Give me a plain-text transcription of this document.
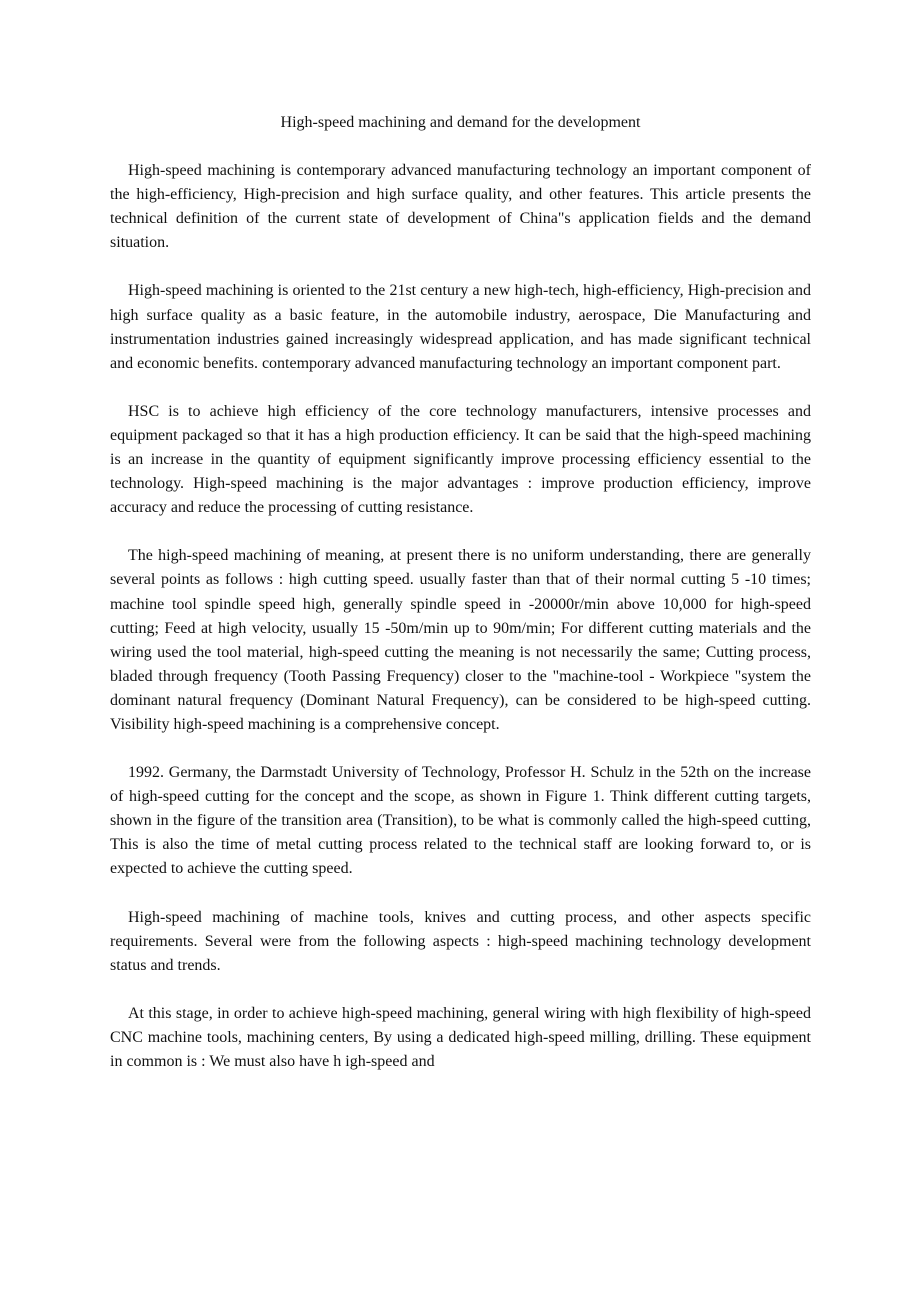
High-speed machining and demand for the development

High-speed machining is contemporary advanced manufacturing technology an important component of the high-efficiency, High-precision and high surface quality, and other features. This article presents the technical definition of the current state of development of China"s application fields and the demand situation.

High-speed machining is oriented to the 21st century a new high-tech, high-efficiency, High-precision and high surface quality as a basic feature, in the automobile industry, aerospace, Die Manufacturing and instrumentation industries gained increasingly widespread application, and has made significant technical and economic benefits. contemporary advanced manufacturing technology an important component part.

HSC is to achieve high efficiency of the core technology manufacturers, intensive processes and equipment packaged so that it has a high production efficiency. It can be said that the high-speed machining is an increase in the quantity of equipment significantly improve processing efficiency essential to the technology. High-speed machining is the major advantages : improve production efficiency, improve accuracy and reduce the processing of cutting resistance.

The high-speed machining of meaning, at present there is no uniform understanding, there are generally several points as follows : high cutting speed. usually faster than that of their normal cutting 5 -10 times; machine tool spindle speed high, generally spindle speed in -20000r/min above 10,000 for high-speed cutting; Feed at high velocity, usually 15 -50m/min up to 90m/min; For different cutting materials and the wiring used the tool material, high-speed cutting the meaning is not necessarily the same; Cutting process, bladed through frequency (Tooth Passing Frequency) closer to the "machine-tool - Workpiece "system the dominant natural frequency (Dominant Natural Frequency), can be considered to be high-speed cutting. Visibility high-speed machining is a comprehensive concept.

1992. Germany, the Darmstadt University of Technology, Professor H. Schulz in the 52th on the increase of high-speed cutting for the concept and the scope, as shown in Figure 1. Think different cutting targets, shown in the figure of the transition area (Transition), to be what is commonly called the high-speed cutting, This is also the time of metal cutting process related to the technical staff are looking forward to, or is expected to achieve the cutting speed.

High-speed machining of machine tools, knives and cutting process, and other aspects specific requirements. Several were from the following aspects : high-speed machining technology development status and trends.

At this stage, in order to achieve high-speed machining, general wiring with high flexibility of high-speed CNC machine tools, machining centers, By using a dedicated high-speed milling, drilling. These equipment in common is : We must also have h igh-speed and
